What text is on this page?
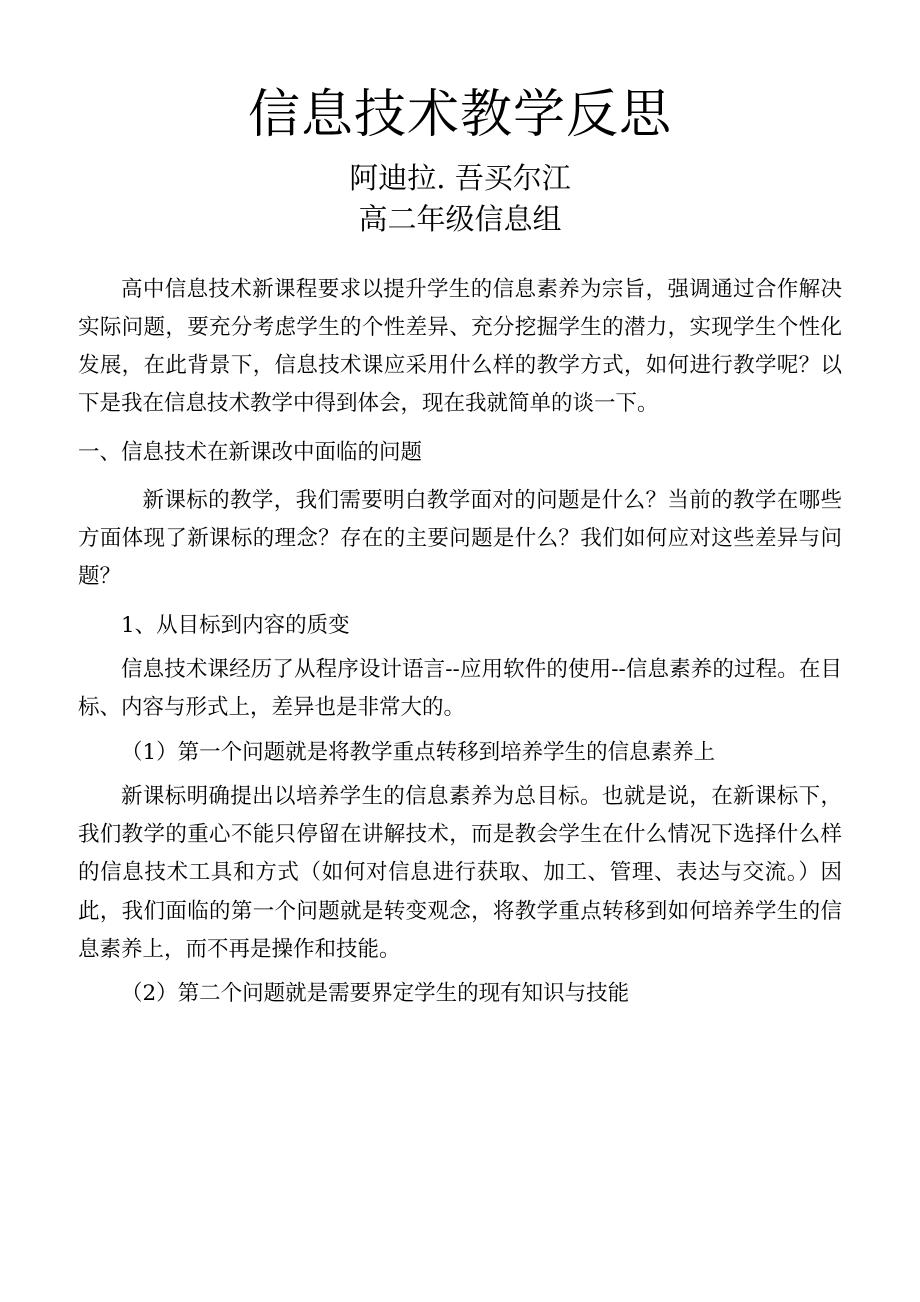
信息技术教学反思
阿迪拉. 吾买尔江
高二年级信息组

高中信息技术新课程要求以提升学生的信息素养为宗旨，强调通过合作解决实际问题，要充分考虑学生的个性差异、充分挖掘学生的潜力，实现学生个性化发展，在此背景下，信息技术课应采用什么样的教学方式，如何进行教学呢？以下是我在信息技术教学中得到体会，现在我就简单的谈一下。

一、信息技术在新课改中面临的问题

新课标的教学，我们需要明白教学面对的问题是什么？当前的教学在哪些方面体现了新课标的理念？存在的主要问题是什么？我们如何应对这些差异与问题？

1、从目标到内容的质变

信息技术课经历了从程序设计语言--应用软件的使用--信息素养的过程。在目标、内容与形式上，差异也是非常大的。

（1）第一个问题就是将教学重点转移到培养学生的信息素养上

新课标明确提出以培养学生的信息素养为总目标。也就是说，在新课标下，我们教学的重心不能只停留在讲解技术，而是教会学生在什么情况下选择什么样的信息技术工具和方式（如何对信息进行获取、加工、管理、表达与交流。）因此，我们面临的第一个问题就是转变观念，将教学重点转移到如何培养学生的信息素养上，而不再是操作和技能。

（2）第二个问题就是需要界定学生的现有知识与技能
